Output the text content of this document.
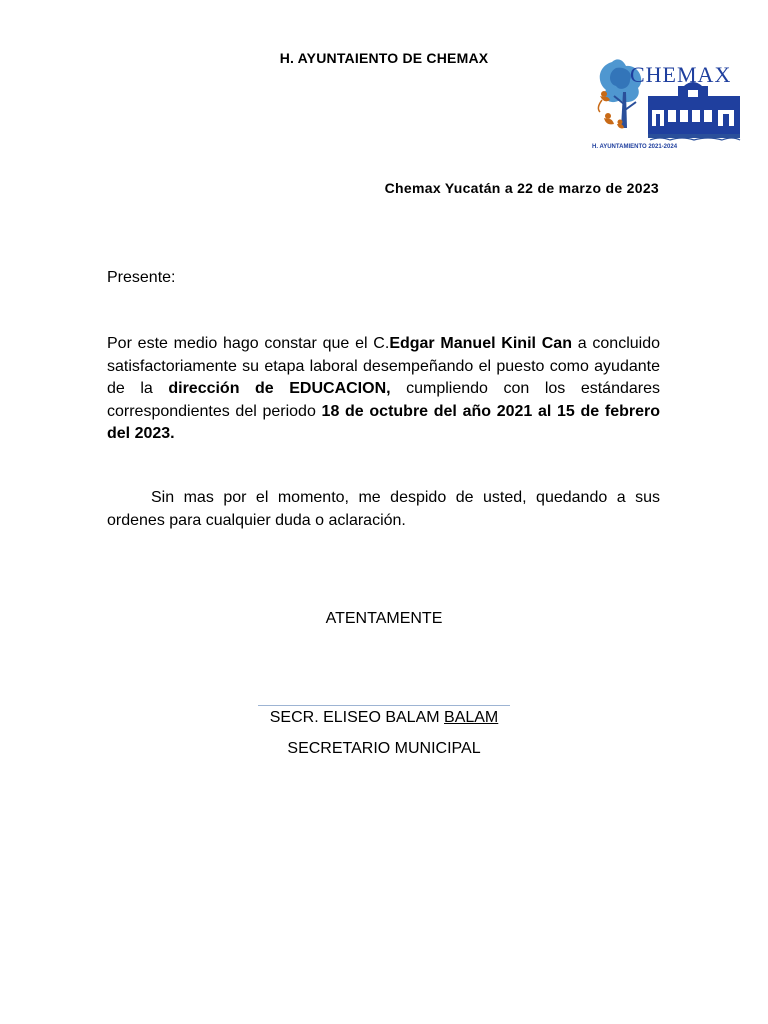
H. AYUNTAIENTO DE CHEMAX
CHEMAX
H. AYUNTAMIENTO 2021-2024
Chemax Yucatán a 22 de marzo de 2023
Presente:
Por este medio hago constar que el C.Edgar Manuel Kinil Can a concluido satisfactoriamente su etapa laboral desempeñando el puesto como ayudante de la dirección de EDUCACION, cumpliendo con los estándares correspondientes del periodo 18 de octubre del año 2021 al 15 de febrero del 2023.
Sin mas por el momento, me despido de usted, quedando a sus ordenes para cualquier duda o aclaración.
ATENTAMENTE
SECR. ELISEO BALAM BALAM
SECRETARIO MUNICIPAL
